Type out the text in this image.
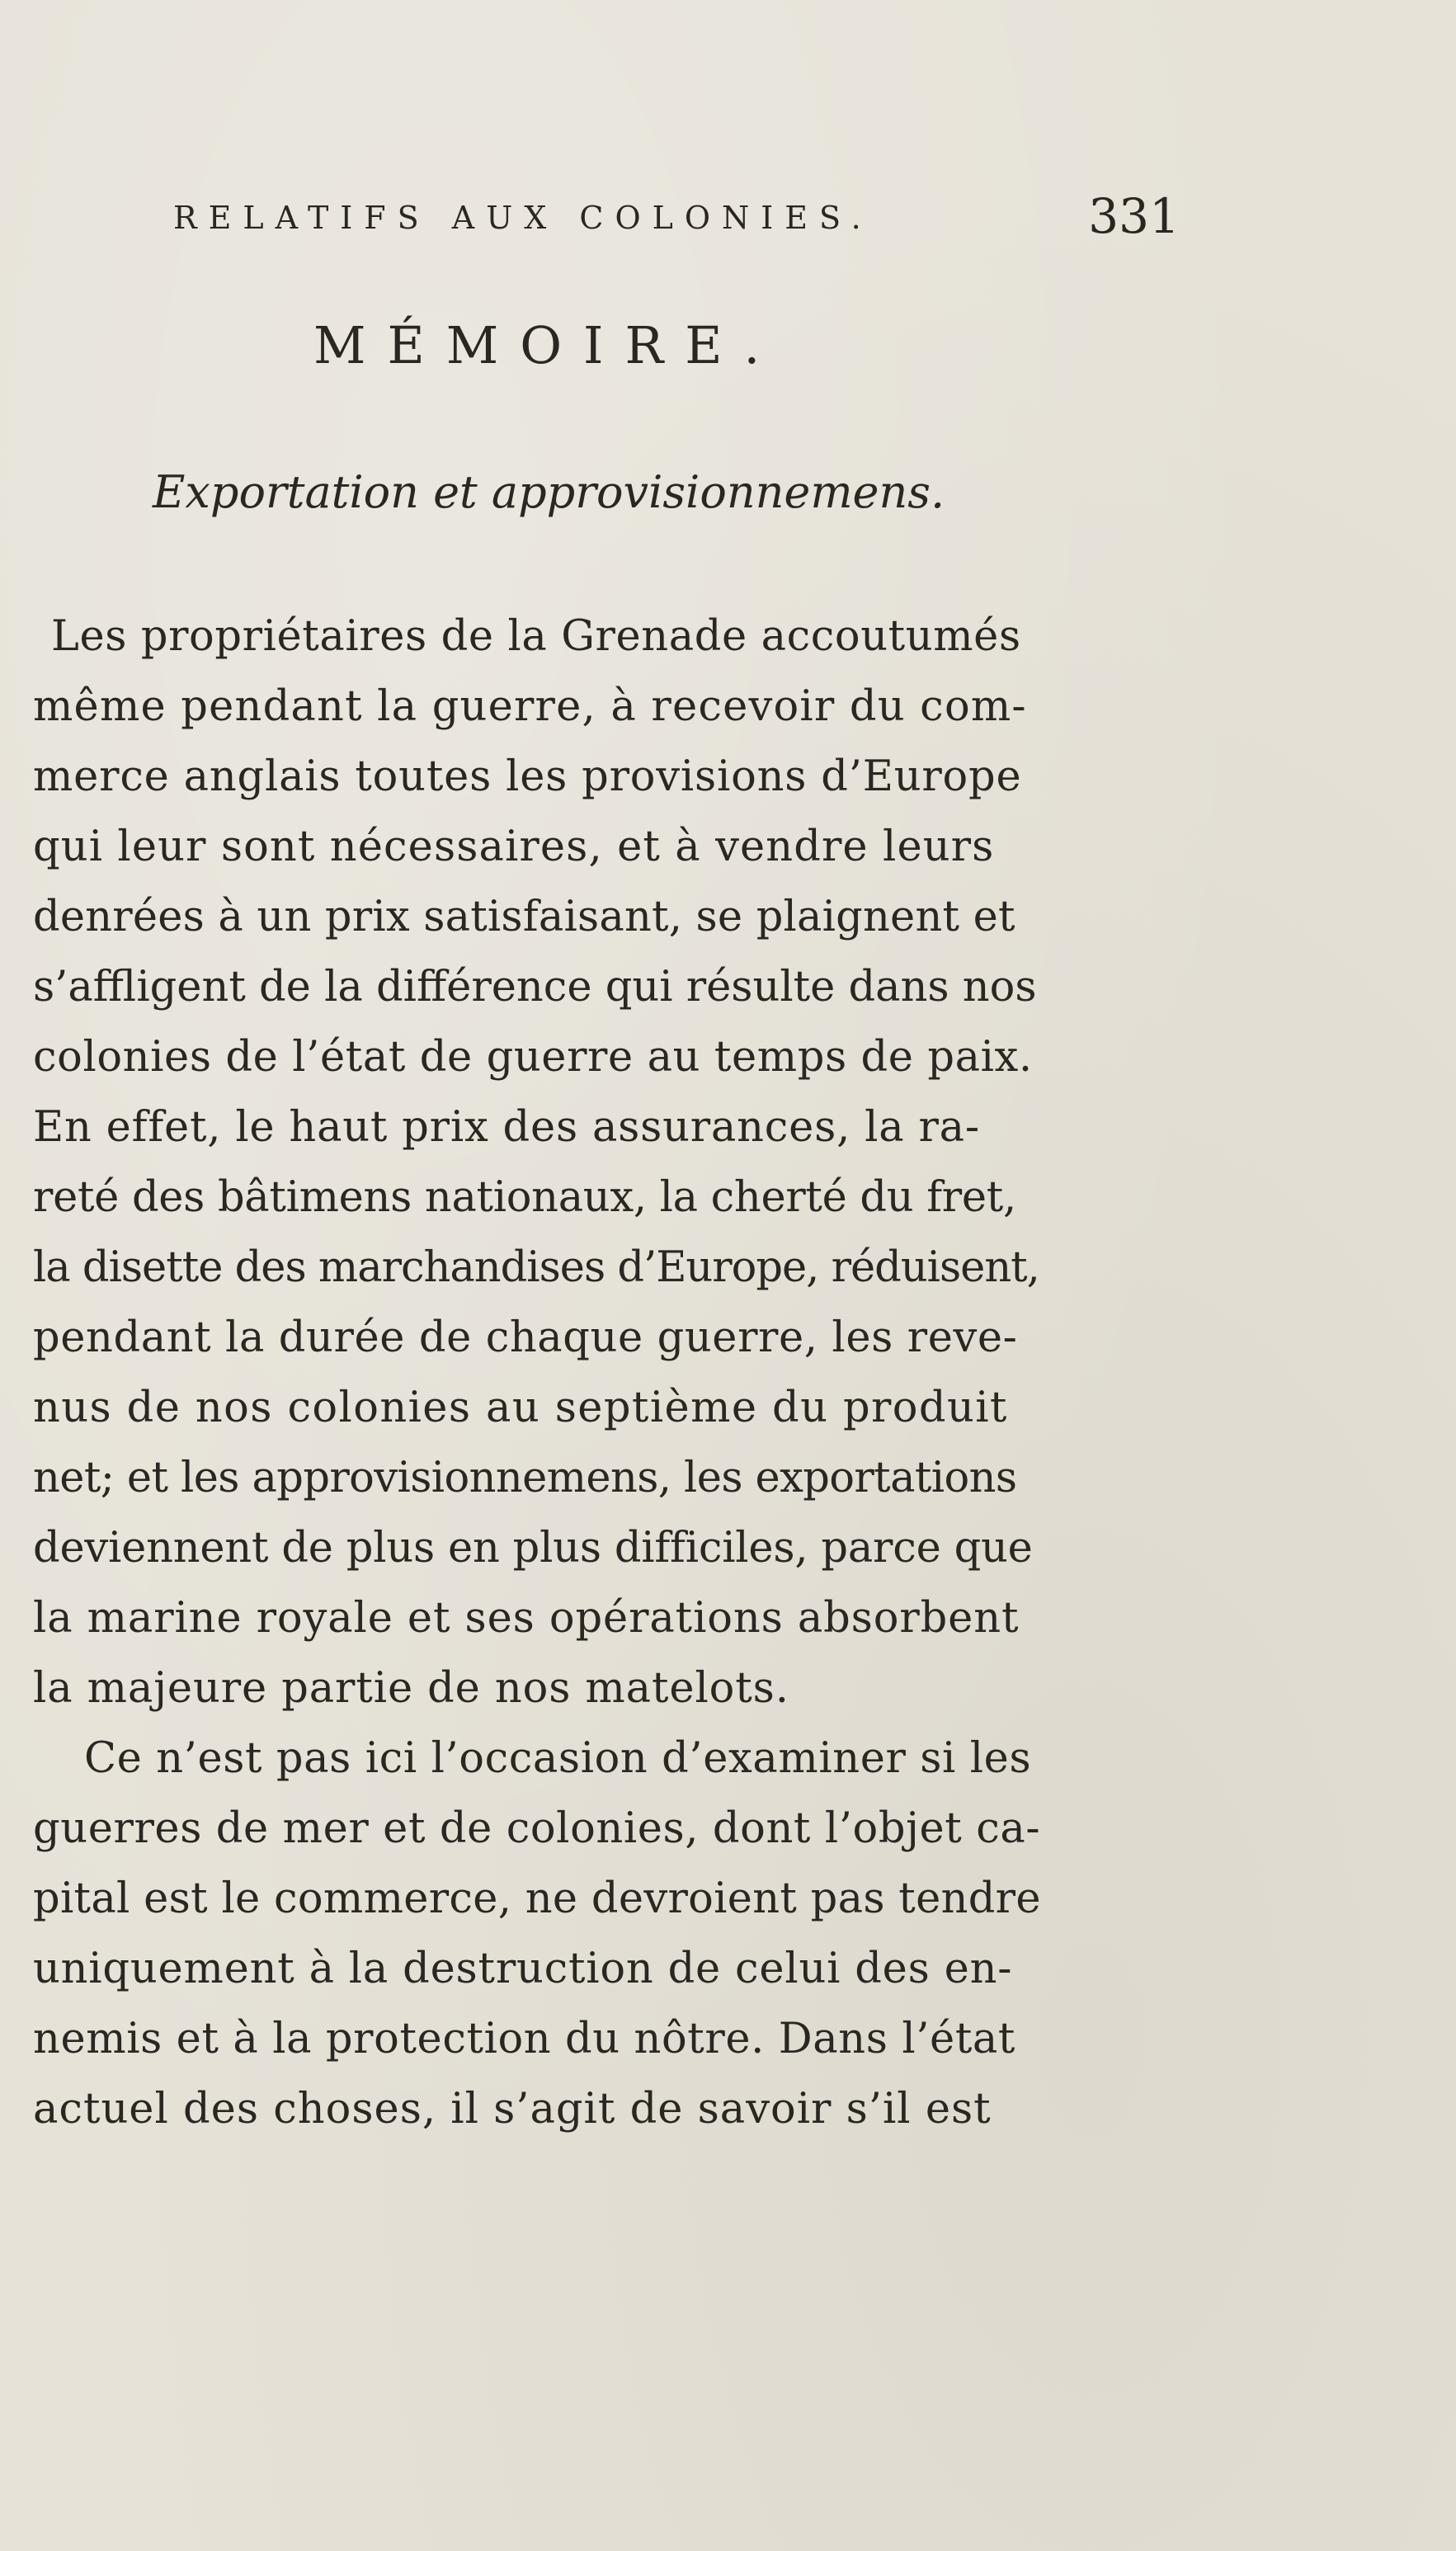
RELATIFS AUX COLONIES.	331
MÉMOIRE.
Exportation et approvisionnemens.
Les propriétaires de la Grenade accoutumés
même pendant la guerre, à recevoir du com-
merce anglais toutes les provisions d’Europe
qui leur sont nécessaires, et à vendre leurs
denrées à un prix satisfaisant, se plaignent et
s’affligent de la différence qui résulte dans nos
colonies de l’état de guerre au temps de paix.
En effet, le haut prix des assurances, la ra-
reté des bâtimens nationaux, la cherté du fret,
la disette des marchandises d’Europe, réduisent,
pendant la durée de chaque guerre, les reve-
nus de nos colonies au septième du produit
net; et les approvisionnemens, les exportations
deviennent de plus en plus difficiles, parce que
la marine royale et ses opérations absorbent
la majeure partie de nos matelots.
Ce n’est pas ici l’occasion d’examiner si les
guerres de mer et de colonies, dont l’objet ca-
pital est le commerce, ne devroient pas tendre
uniquement à la destruction de celui des en-
nemis et à la protection du nôtre. Dans l’état
actuel des choses, il s’agit de savoir s’il est
